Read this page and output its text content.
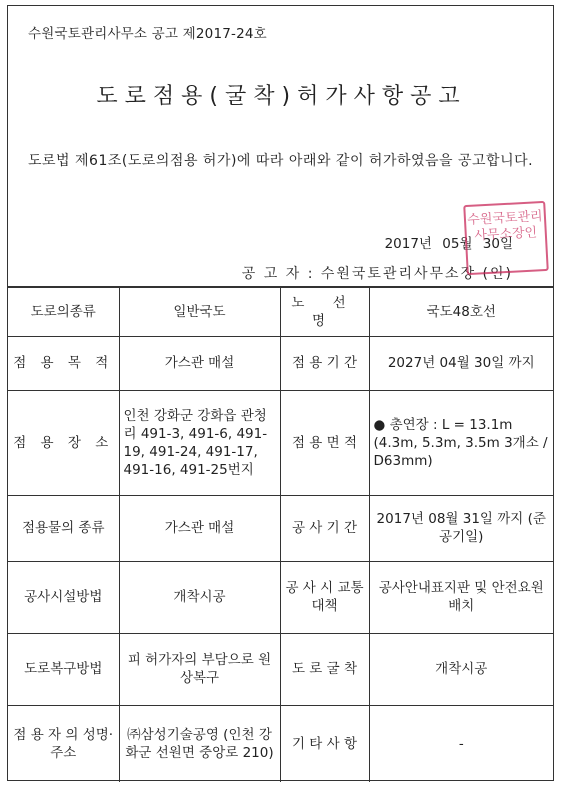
수원국토관리사무소 공고 제2017-24호
도로점용(굴착)허가사항공고
도로법 제61조(도로의점용 허가)에 따라 아래와 같이 허가하였음을 공고합니다.
2017년 05월 30일
공 고 자 : 수원국토관리사무소장 (인)
수원국토관리사무소장인
도로의종류	일반국도	노 선 명	국도48호선
점 용 목 적	가스관 매설	점 용 기 간	2027년 04월 30일 까지
점 용 장 소	인천 강화군 강화읍 관청리 491-3, 491-6, 491-19, 491-24, 491-17, 491-16, 491-25번지	점 용 면 적	● 총연장 : L = 13.1m (4.3m, 5.3m, 3.5m 3개소 / D63mm)
점용물의 종류	가스관 매설	공 사 기 간	2017년 08월 31일 까지 (준공기일)
공사시설방법	개착시공	공 사 시 교통대책	공사안내표지판 및 안전요원배치
도로복구방법	피 허가자의 부담으로 원상복구	도 로 굴 착	개착시공
점 용 자 의 성명·주소	㈜삼성기술공영 (인천 강화군 선원면 중앙로 210)	기 타 사 항	-
